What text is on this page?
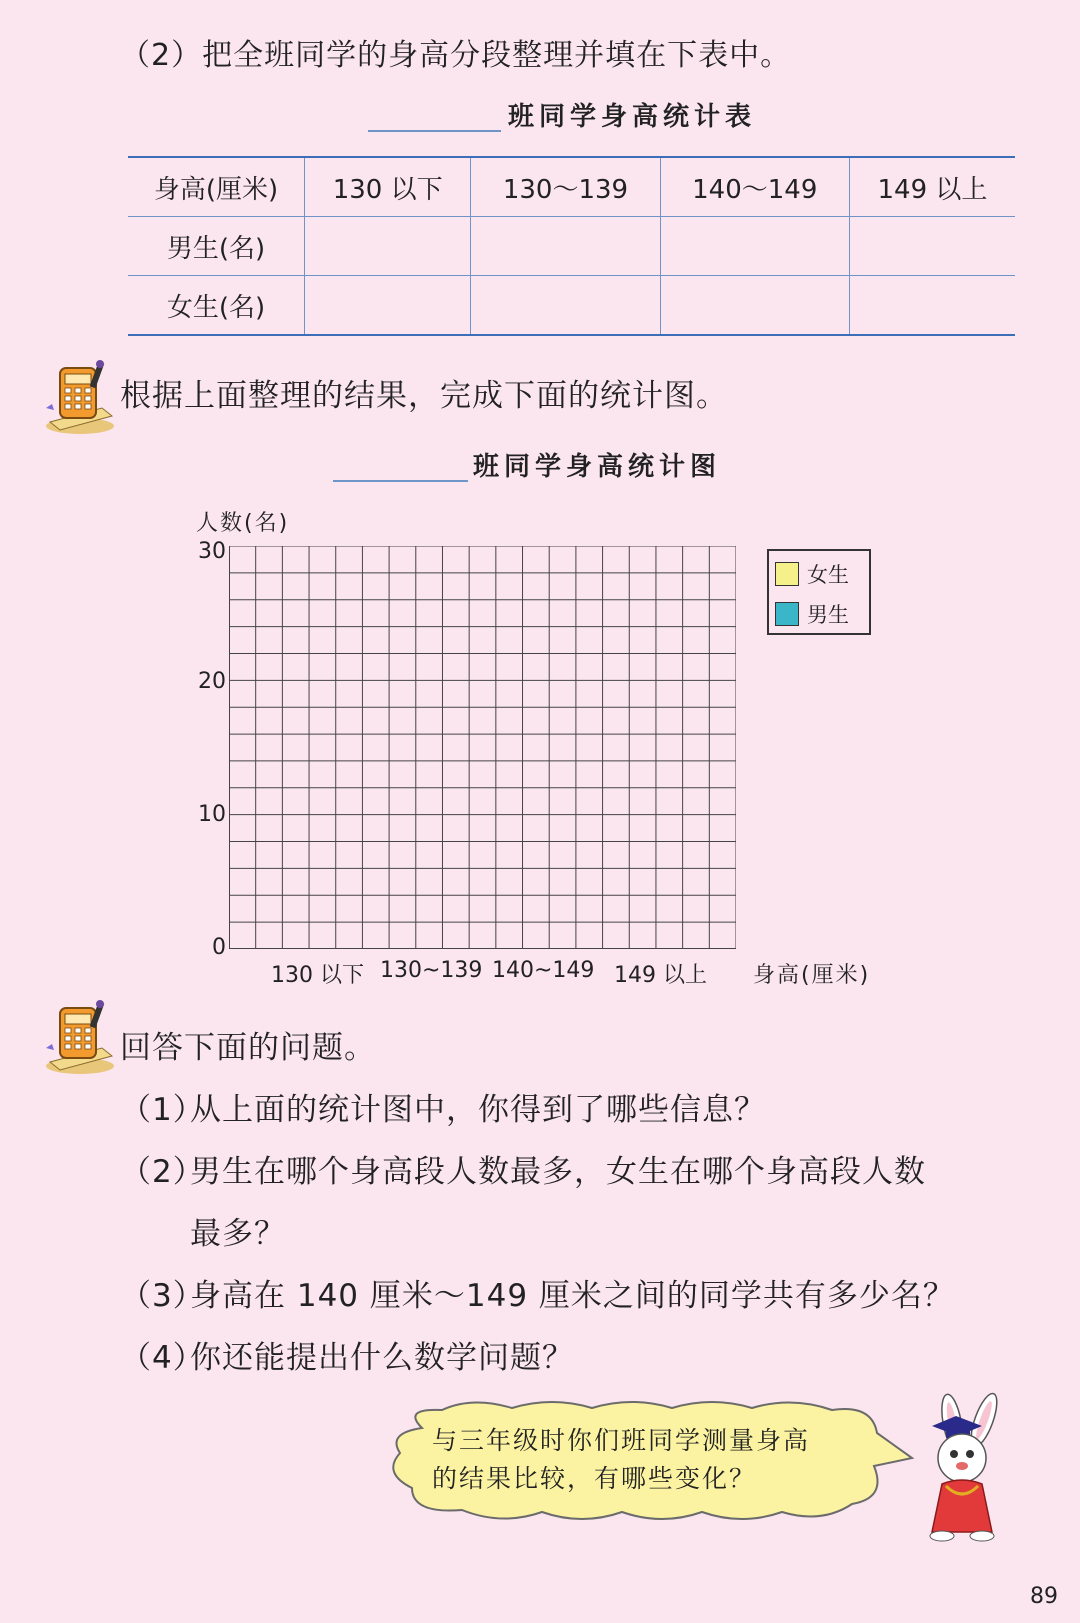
（2）把全班同学的身高分段整理并填在下表中。
班同学身高统计表
身高(厘米)	130 以下	130～139	140～149	149 以上
男生(名)				
女生(名)				
根据上面整理的结果，完成下面的统计图。
班同学身高统计图
人数(名)
30
20
10
0
130 以下 130~139 140~149 149 以上 身高(厘米)
女生
男生
回答下面的问题。
（1）从上面的统计图中，你得到了哪些信息？
（2）男生在哪个身高段人数最多，女生在哪个身高段人数
最多？
（3）身高在 140 厘米～149 厘米之间的同学共有多少名？
（4）你还能提出什么数学问题？
与三年级时你们班同学测量身高
的结果比较，有哪些变化？
89
